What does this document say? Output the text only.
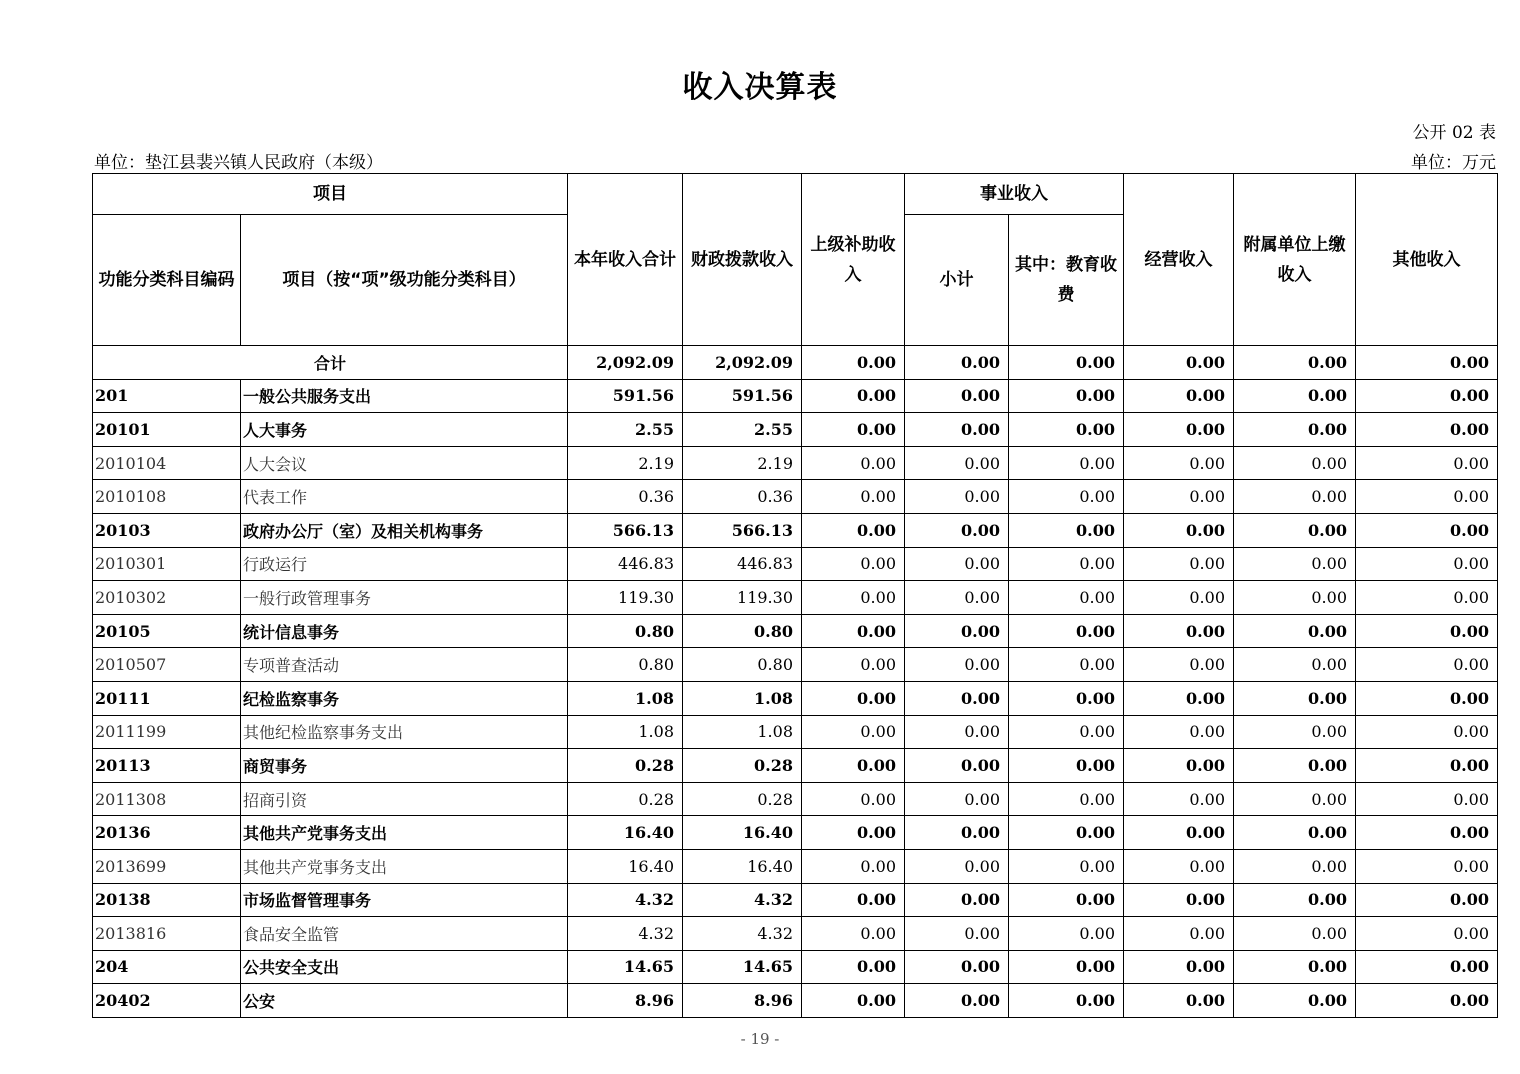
收入决算表
公开 02 表
单位：垫江县裴兴镇人民政府（本级）	单位：万元
项目		本年收入合计	财政拨款收入	上级补助收入	事业收入		经营收入	附属单位上缴收入	其他收入
功能分类科目编码	项目（按“项”级功能分类科目）				小计	其中：教育收费			
合计		2,092.09	2,092.09	0.00	0.00	0.00	0.00	0.00	0.00
201	一般公共服务支出	591.56	591.56	0.00	0.00	0.00	0.00	0.00	0.00
20101	人大事务	2.55	2.55	0.00	0.00	0.00	0.00	0.00	0.00
2010104	人大会议	2.19	2.19	0.00	0.00	0.00	0.00	0.00	0.00
2010108	代表工作	0.36	0.36	0.00	0.00	0.00	0.00	0.00	0.00
20103	政府办公厅（室）及相关机构事务	566.13	566.13	0.00	0.00	0.00	0.00	0.00	0.00
2010301	行政运行	446.83	446.83	0.00	0.00	0.00	0.00	0.00	0.00
2010302	一般行政管理事务	119.30	119.30	0.00	0.00	0.00	0.00	0.00	0.00
20105	统计信息事务	0.80	0.80	0.00	0.00	0.00	0.00	0.00	0.00
2010507	专项普查活动	0.80	0.80	0.00	0.00	0.00	0.00	0.00	0.00
20111	纪检监察事务	1.08	1.08	0.00	0.00	0.00	0.00	0.00	0.00
2011199	其他纪检监察事务支出	1.08	1.08	0.00	0.00	0.00	0.00	0.00	0.00
20113	商贸事务	0.28	0.28	0.00	0.00	0.00	0.00	0.00	0.00
2011308	招商引资	0.28	0.28	0.00	0.00	0.00	0.00	0.00	0.00
20136	其他共产党事务支出	16.40	16.40	0.00	0.00	0.00	0.00	0.00	0.00
2013699	其他共产党事务支出	16.40	16.40	0.00	0.00	0.00	0.00	0.00	0.00
20138	市场监督管理事务	4.32	4.32	0.00	0.00	0.00	0.00	0.00	0.00
2013816	食品安全监管	4.32	4.32	0.00	0.00	0.00	0.00	0.00	0.00
204	公共安全支出	14.65	14.65	0.00	0.00	0.00	0.00	0.00	0.00
20402	公安	8.96	8.96	0.00	0.00	0.00	0.00	0.00	0.00
- 19 -
